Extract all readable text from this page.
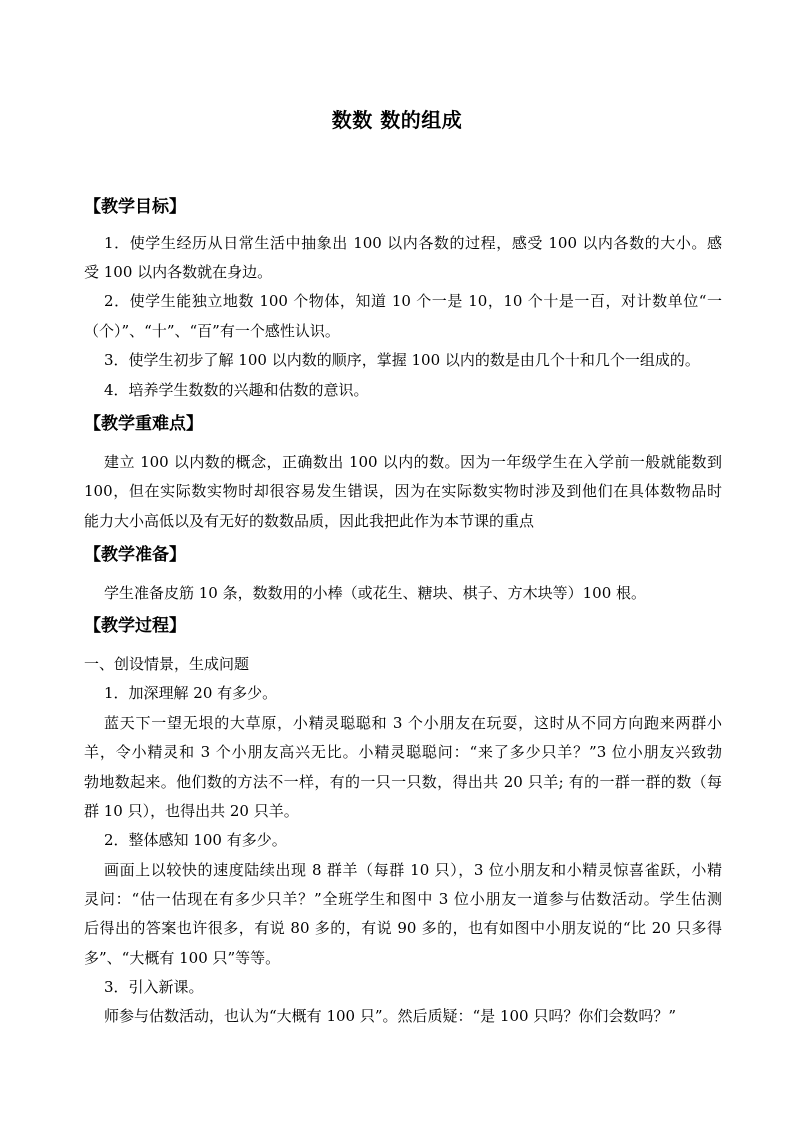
数数 数的组成
【教学目标】
1．使学生经历从日常生活中抽象出 100 以内各数的过程，感受 100 以内各数的大小。感
受 100 以内各数就在身边。
2．使学生能独立地数 100 个物体，知道 10 个一是 10，10 个十是一百，对计数单位“一
（个）”、“十”、“百”有一个感性认识。
3．使学生初步了解 100 以内数的顺序，掌握 100 以内的数是由几个十和几个一组成的。
4．培养学生数数的兴趣和估数的意识。
【教学重难点】
建立 100 以内数的概念，正确数出 100 以内的数。因为一年级学生在入学前一般就能数到
100，但在实际数实物时却很容易发生错误，因为在实际数实物时涉及到他们在具体数物品时
能力大小高低以及有无好的数数品质，因此我把此作为本节课的重点
【教学准备】
学生准备皮筋 10 条，数数用的小棒（或花生、糖块、棋子、方木块等）100 根。
【教学过程】
一、创设情景，生成问题
1．加深理解 20 有多少。
蓝天下一望无垠的大草原，小精灵聪聪和 3 个小朋友在玩耍，这时从不同方向跑来两群小
羊，令小精灵和 3 个小朋友高兴无比。小精灵聪聪问：“来了多少只羊？”3 位小朋友兴致勃
勃地数起来。他们数的方法不一样，有的一只一只数，得出共 20 只羊; 有的一群一群的数（每
群 10 只），也得出共 20 只羊。
2．整体感知 100 有多少。
画面上以较快的速度陆续出现 8 群羊（每群 10 只），3 位小朋友和小精灵惊喜雀跃，小精
灵问：“估一估现在有多少只羊？”全班学生和图中 3 位小朋友一道参与估数活动。学生估测
后得出的答案也许很多，有说 80 多的，有说 90 多的，也有如图中小朋友说的“比 20 只多得
多”、“大概有 100 只”等等。
3．引入新课。
师参与估数活动，也认为“大概有 100 只”。然后质疑：“是 100 只吗？你们会数吗？”
